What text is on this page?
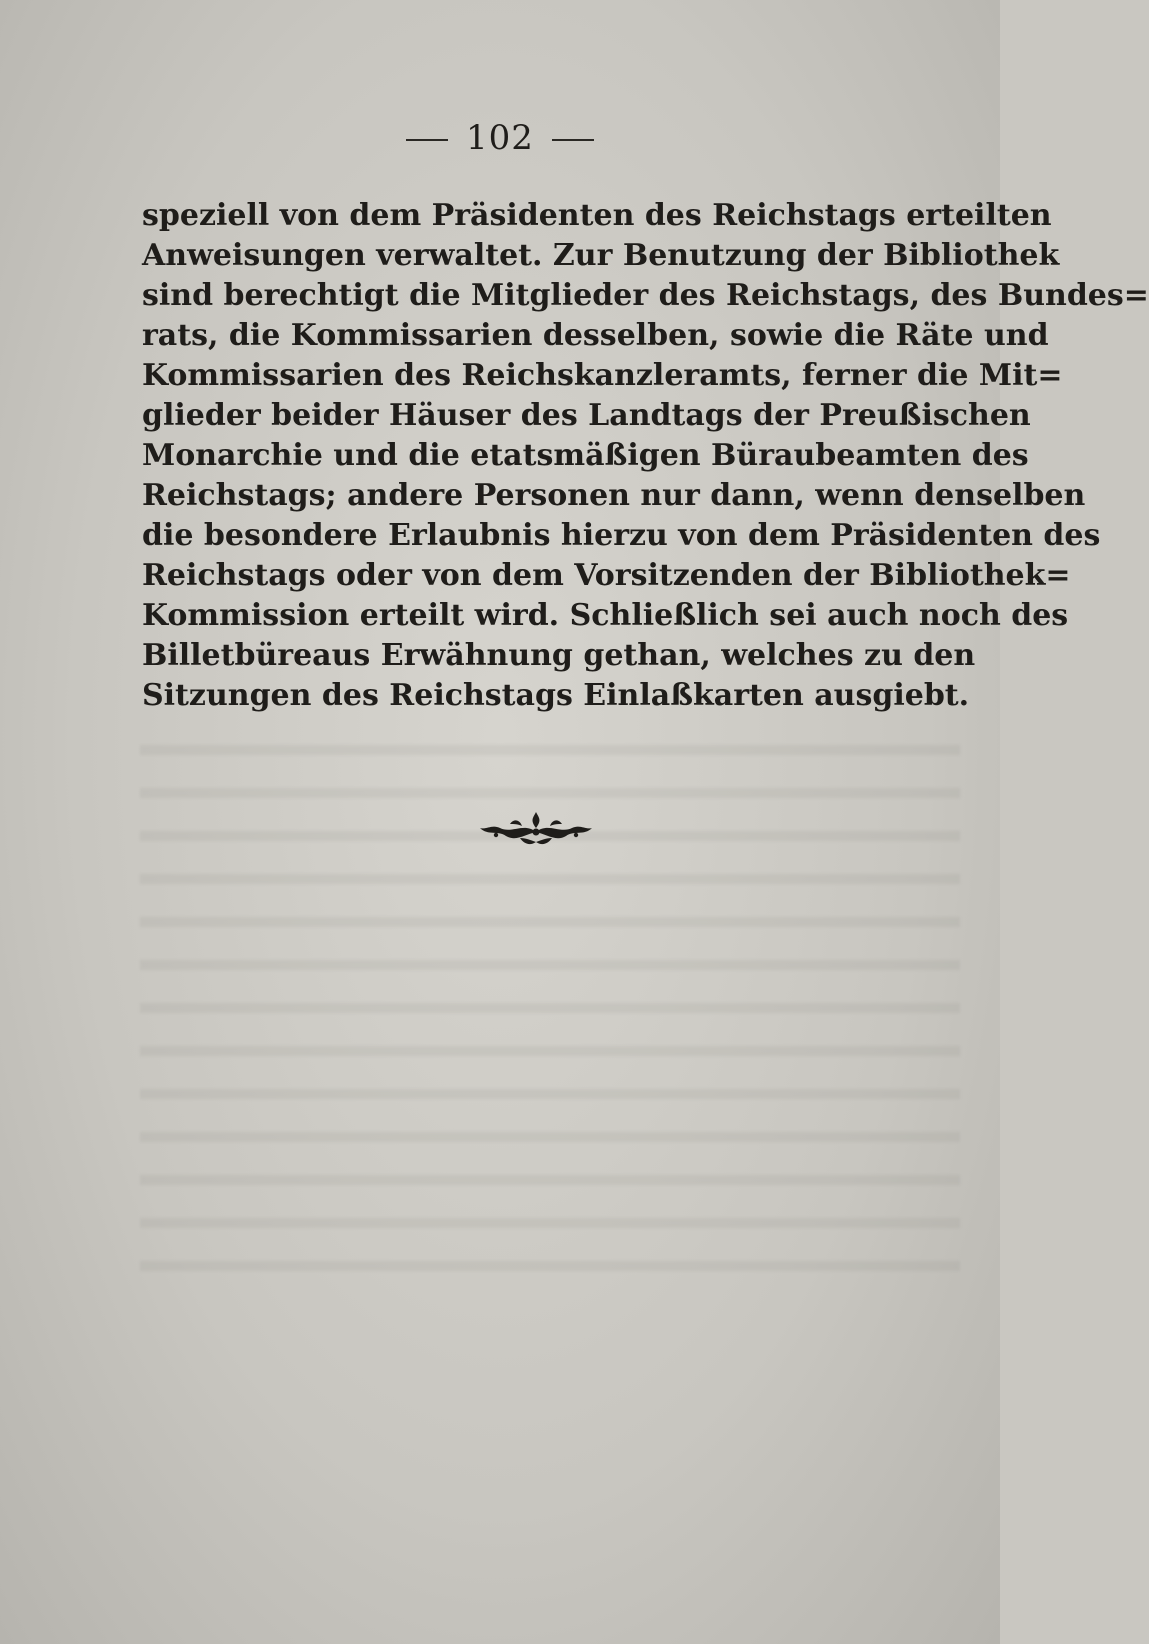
102
speziell von dem Präsidenten des Reichstags erteilten
Anweisungen verwaltet. Zur Benutzung der Bibliothek
sind berechtigt die Mitglieder des Reichstags, des Bundes=
rats, die Kommissarien desselben, sowie die Räte und
Kommissarien des Reichskanzleramts, ferner die Mit=
glieder beider Häuser des Landtags der Preußischen
Monarchie und die etatsmäßigen Büraubeamten des
Reichstags; andere Personen nur dann, wenn denselben
die besondere Erlaubnis hierzu von dem Präsidenten des
Reichstags oder von dem Vorsitzenden der Bibliothek=
Kommission erteilt wird. Schließlich sei auch noch des
Billetbüreaus Erwähnung gethan, welches zu den
Sitzungen des Reichstags Einlaßkarten ausgiebt.
